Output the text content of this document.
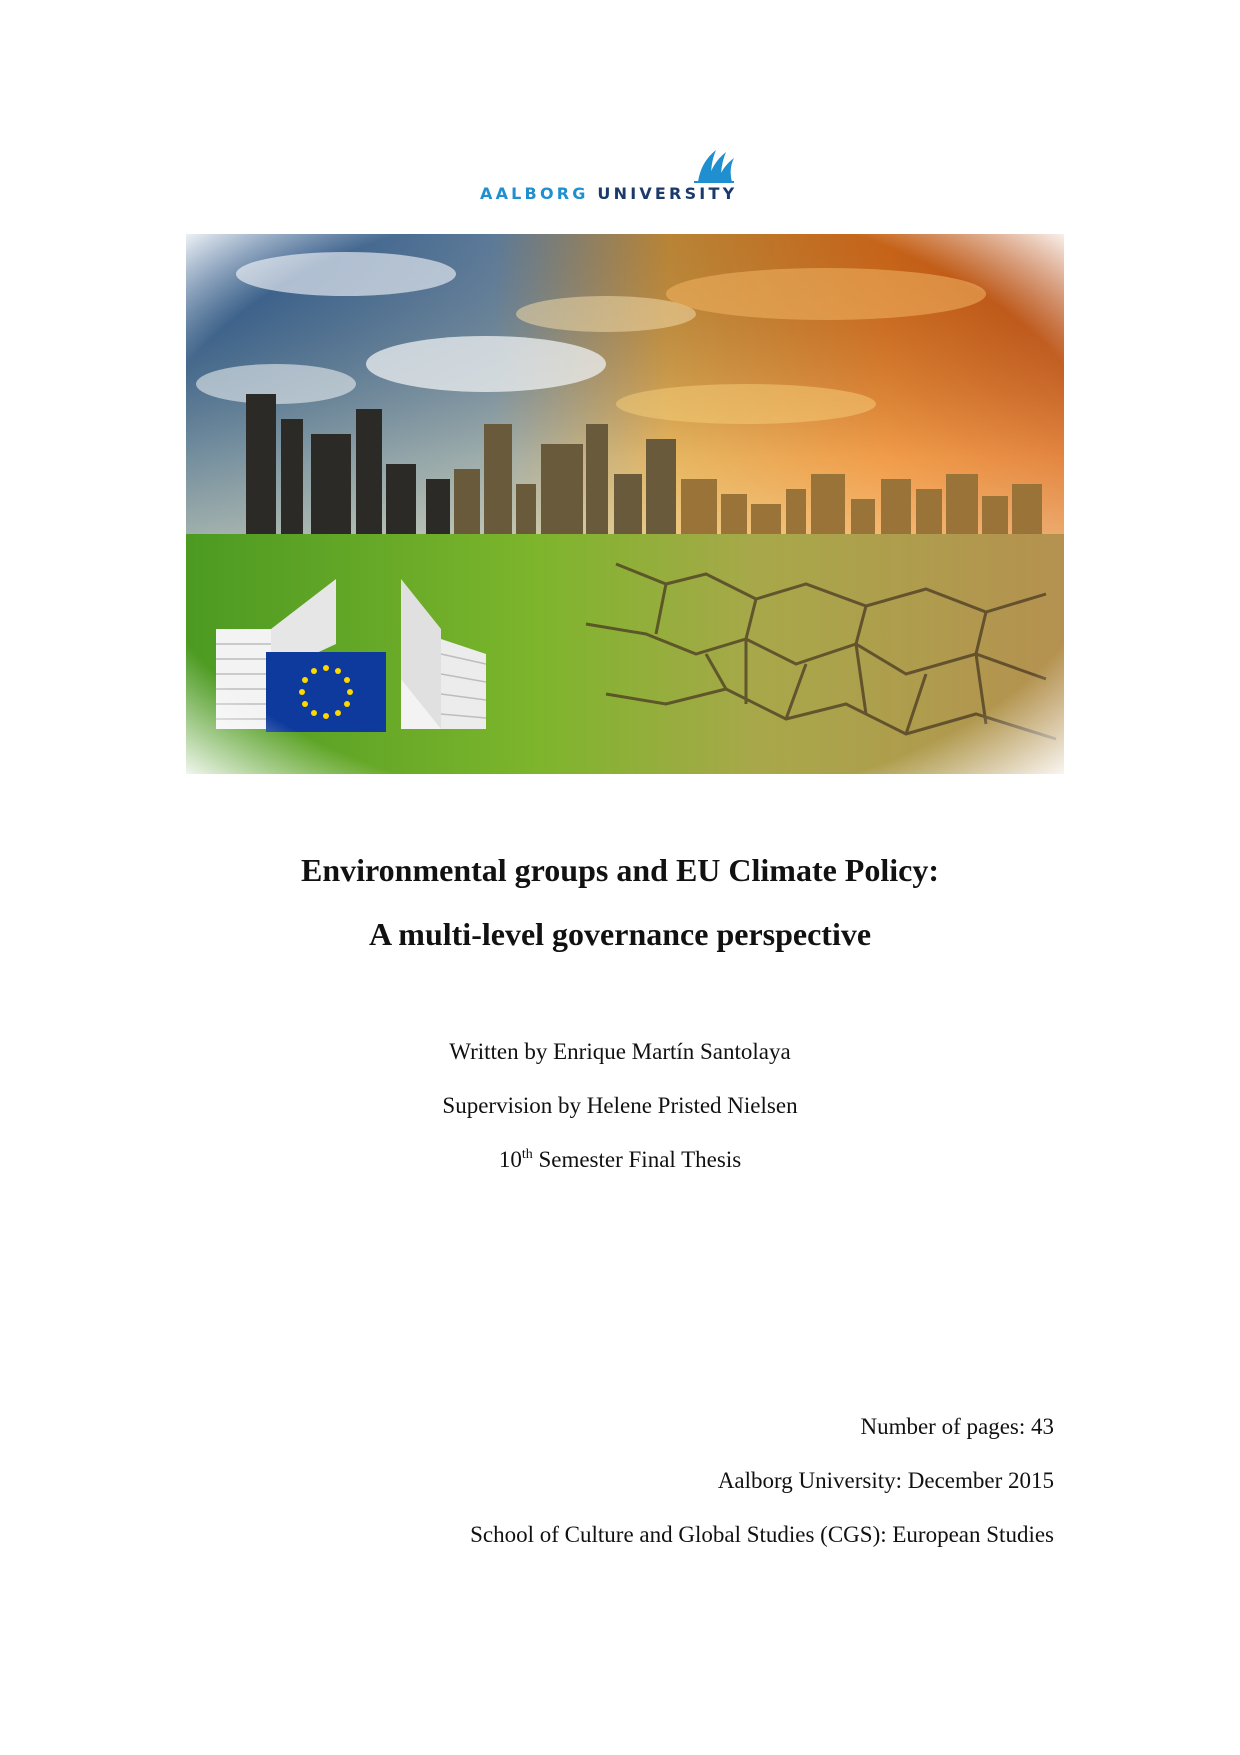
AALBORG UNIVERSITY
Environmental groups and EU Climate Policy:
A multi-level governance perspective
Written by Enrique Martín Santolaya
Supervision by Helene Pristed Nielsen
10th Semester Final Thesis
Number of pages: 43
Aalborg University: December 2015
School of Culture and Global Studies (CGS): European Studies
